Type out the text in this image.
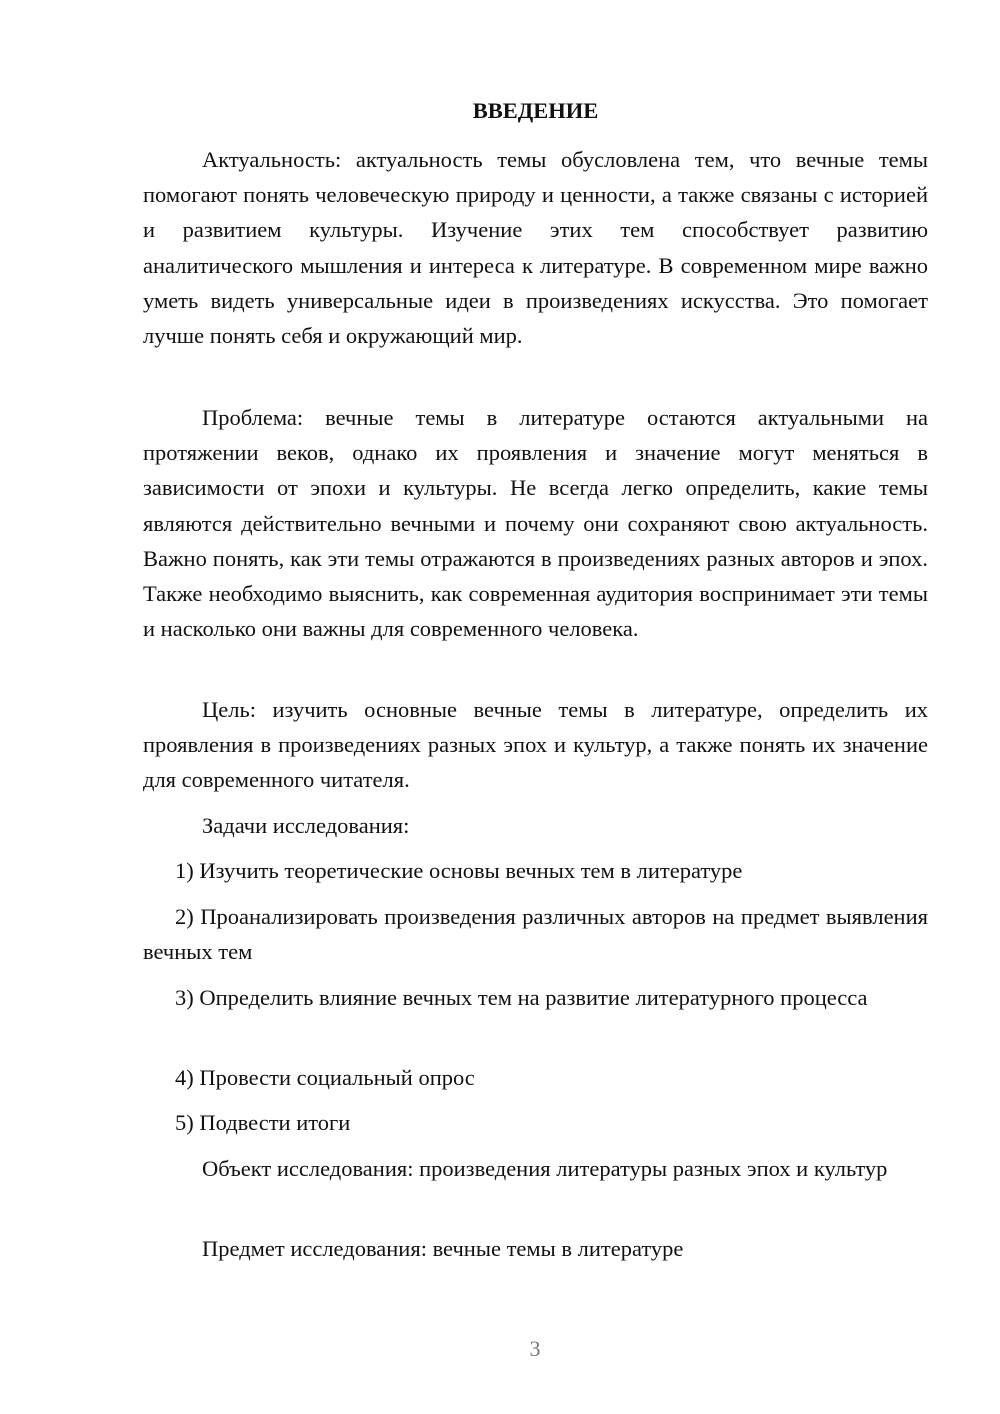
ВВЕДЕНИЕ

Актуальность: актуальность темы обусловлена тем, что вечные темы помогают понять человеческую природу и ценности, а также связаны с историей и развитием культуры. Изучение этих тем способствует развитию аналитического мышления и интереса к литературе. В современном мире важно уметь видеть универсальные идеи в произведениях искусства. Это помогает лучше понять себя и окружающий мир.

Проблема: вечные темы в литературе остаются актуальными на протяжении веков, однако их проявления и значение могут меняться в зависимости от эпохи и культуры. Не всегда легко определить, какие темы являются действительно вечными и почему они сохраняют свою актуальность. Важно понять, как эти темы отражаются в произведениях разных авторов и эпох. Также необходимо выяснить, как современная аудитория воспринимает эти темы и насколько они важны для современного человека.

Цель: изучить основные вечные темы в литературе, определить их проявления в произведениях разных эпох и культур, а также понять их значение для современного читателя.

Задачи исследования:

1) Изучить теоретические основы вечных тем в литературе

2) Проанализировать произведения различных авторов на предмет выявления вечных тем

3) Определить влияние вечных тем на развитие литературного процесса

4) Провести социальный опрос

5) Подвести итоги

Объект исследования: произведения литературы разных эпох и культур

Предмет исследования: вечные темы в литературе

3
